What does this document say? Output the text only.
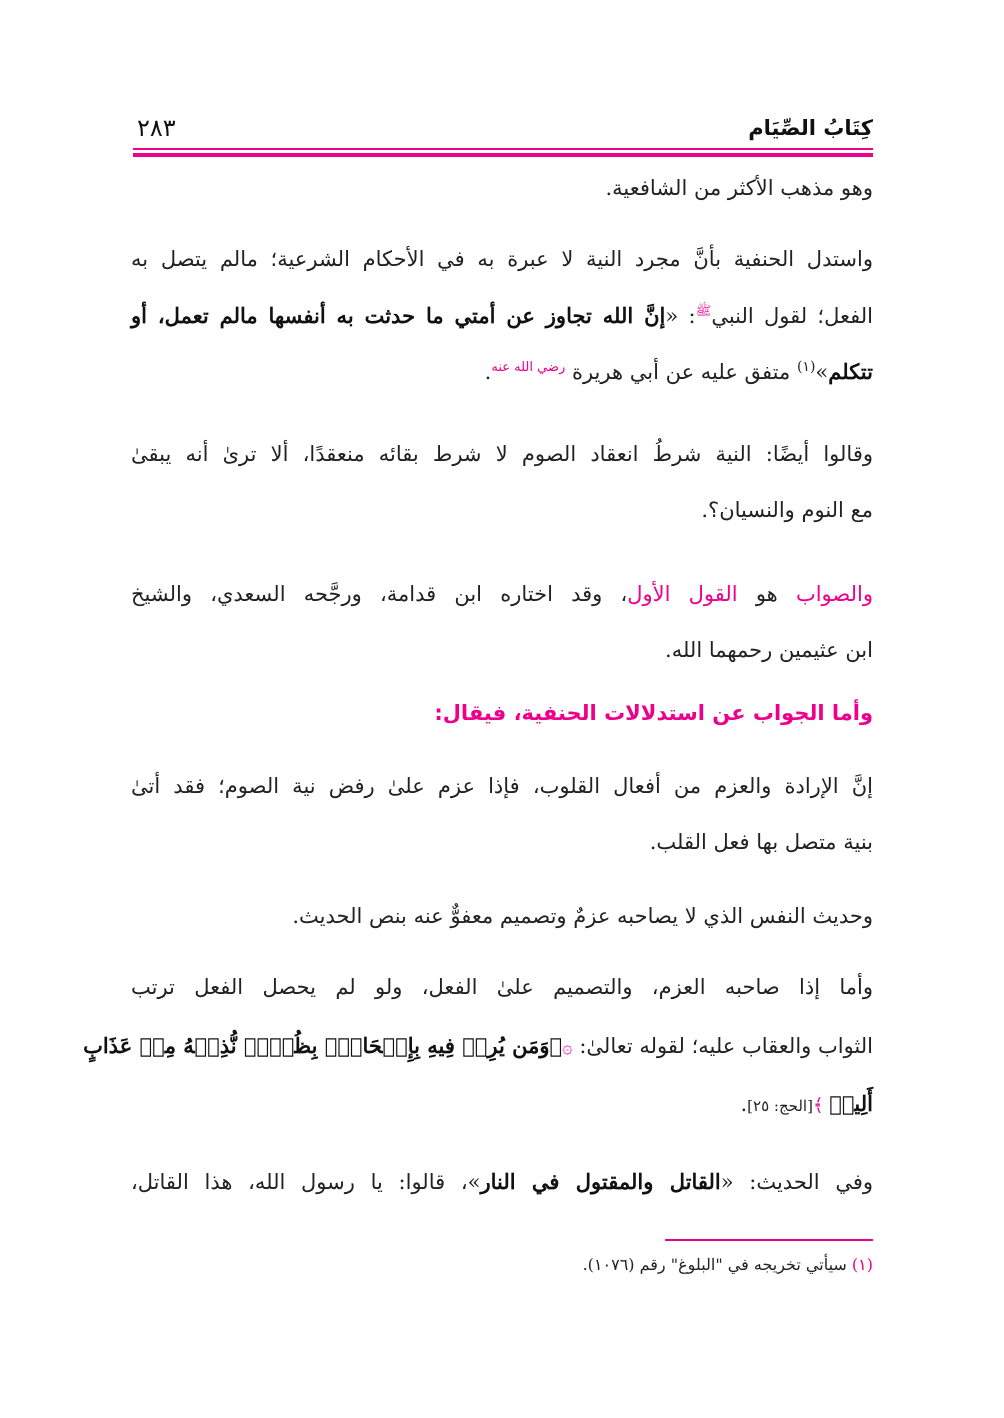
كِتَابُ الصِّيَام
٢٨٣
وهو مذهب الأكثر من الشافعية.
واستدل الحنفية بأنَّ مجرد النية لا عبرة به في الأحكام الشرعية؛ مالم يتصل به
الفعل؛ لقول النبي$^ﷺ$: «إنَّ الله تجاوز عن أمتي ما حدثت به أنفسها مالم تعمل، أو
تتكلم»$^{(١)}$ متفق عليه عن أبي هريرة $^{رضي الله عنه}$.
وقالوا أيضًا: النية شرطُ انعقاد الصوم لا شرط بقائه منعقدًا، ألا ترىٰ أنه يبقىٰ
مع النوم والنسيان؟.
والصواب هو القول الأول، وقد اختاره ابن قدامة، ورجَّحه السعدي، والشيخ
ابن عثيمين رحمهما الله.
وأما الجواب عن استدلالات الحنفية، فيقال:
إنَّ الإرادة والعزم من أفعال القلوب، فإذا عزم علىٰ رفض نية الصوم؛ فقد أتىٰ
بنية متصل بها فعل القلب.
وحديث النفس الذي لا يصاحبه عزمٌ وتصميم معفوٌّ عنه بنص الحديث.
وأما إذا صاحبه العزم، والتصميم علىٰ الفعل، ولو لم يحصل الفعل ترتب
الثواب والعقاب عليه؛ لقوله تعالىٰ: ۞﴿وَمَن يُرِدۡ فِيهِ بِإِلۡحَادِۭ بِظُلۡمٖ نُّذِقۡهُ مِنۡ عَذَابٍ
أَلِيمٖ ﴾[الحج: ٢٥].
وفي الحديث: «القاتل والمقتول في النار»، قالوا: يا رسول الله، هذا القاتل،
(١) سيأتي تخريجه في "البلوغ" رقم (١٠٧٦).
